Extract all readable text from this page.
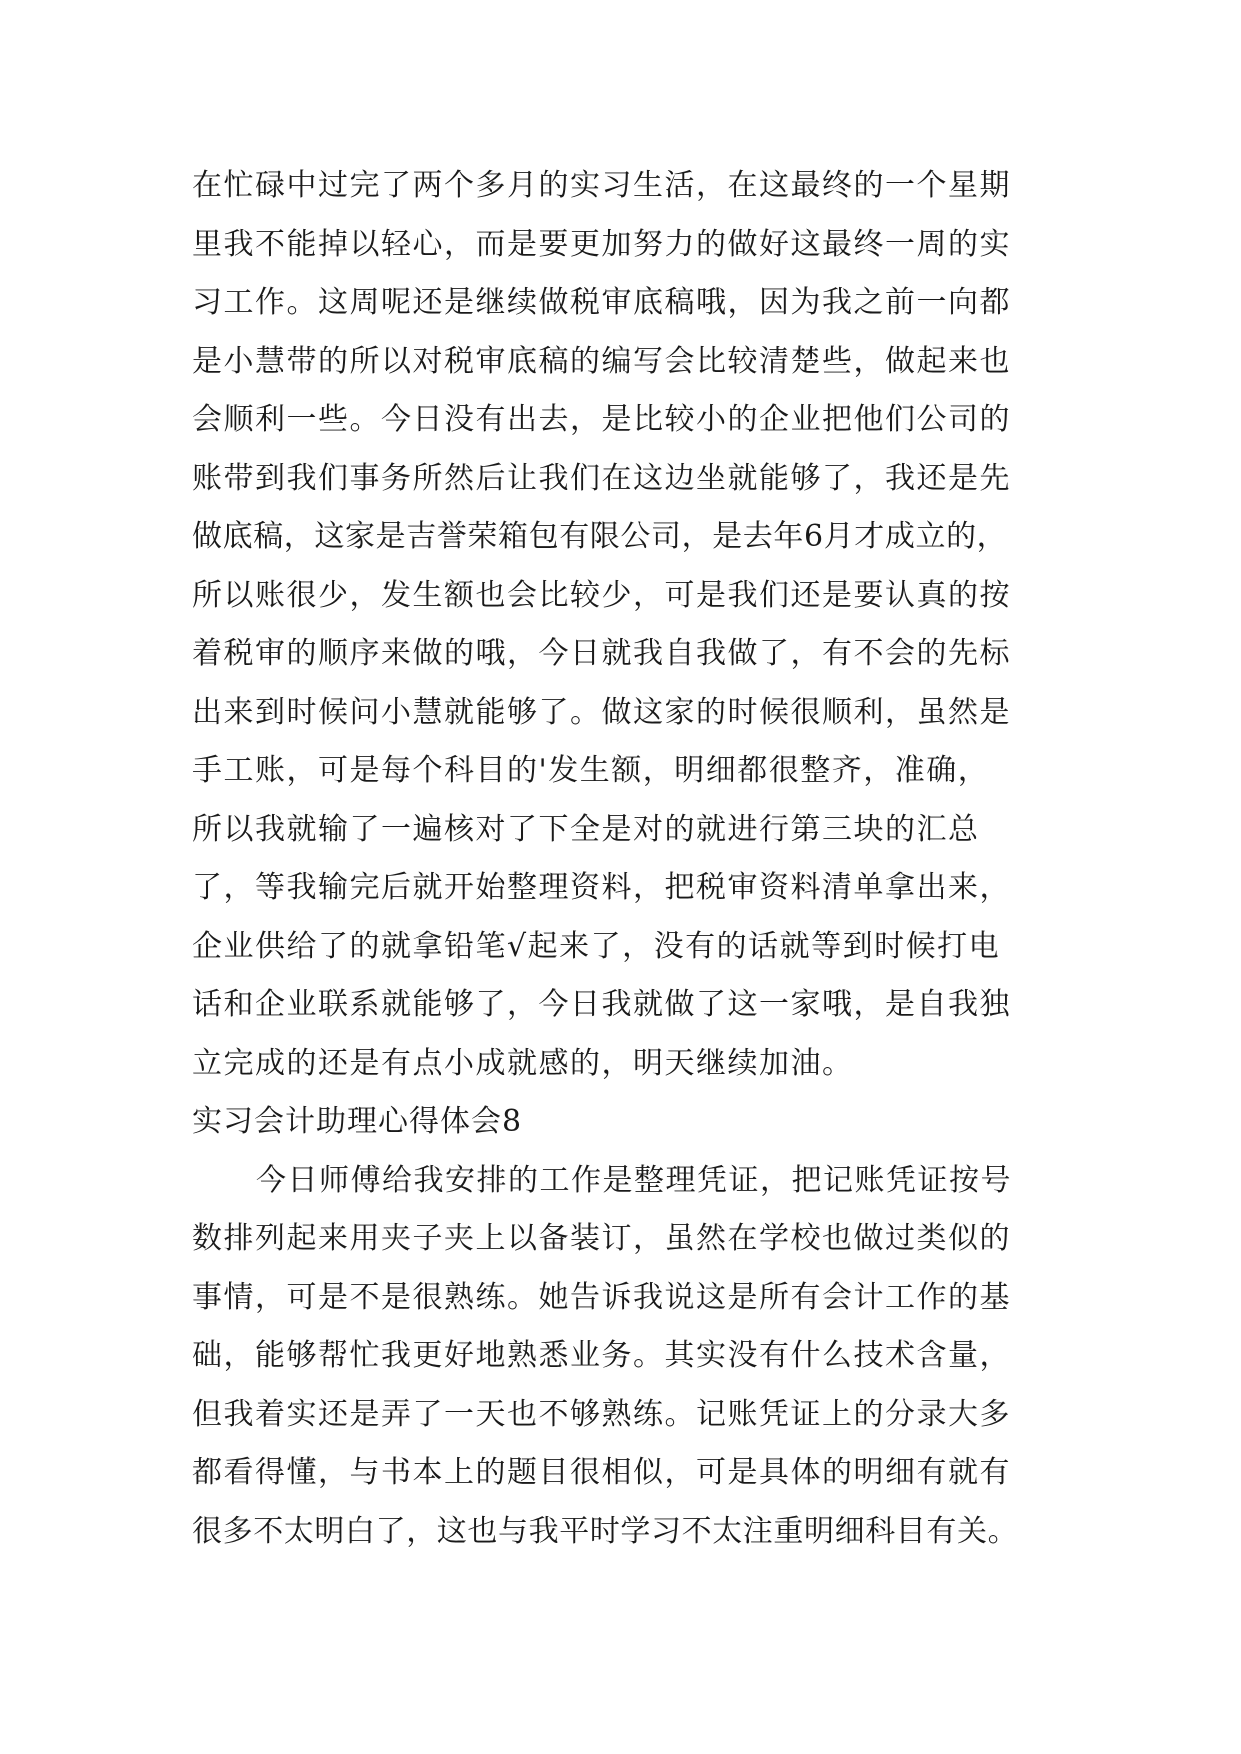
在忙碌中过完了两个多月的实习生活，在这最终的一个星期
里我不能掉以轻心，而是要更加努力的做好这最终一周的实
习工作。这周呢还是继续做税审底稿哦，因为我之前一向都
是小慧带的所以对税审底稿的编写会比较清楚些，做起来也
会顺利一些。今日没有出去，是比较小的企业把他们公司的
账带到我们事务所然后让我们在这边坐就能够了，我还是先
做底稿，这家是吉誉荣箱包有限公司，是去年6月才成立的，
所以账很少，发生额也会比较少，可是我们还是要认真的按
着税审的顺序来做的哦，今日就我自我做了，有不会的先标
出来到时候问小慧就能够了。做这家的时候很顺利，虽然是
手工账，可是每个科目的'发生额，明细都很整齐，准确，
所以我就输了一遍核对了下全是对的就进行第三块的汇总
了，等我输完后就开始整理资料，把税审资料清单拿出来，
企业供给了的就拿铅笔√起来了，没有的话就等到时候打电
话和企业联系就能够了，今日我就做了这一家哦，是自我独
立完成的还是有点小成就感的，明天继续加油。
实习会计助理心得体会8
今日师傅给我安排的工作是整理凭证，把记账凭证按号
数排列起来用夹子夹上以备装订，虽然在学校也做过类似的
事情，可是不是很熟练。她告诉我说这是所有会计工作的基
础，能够帮忙我更好地熟悉业务。其实没有什么技术含量，
但我着实还是弄了一天也不够熟练。记账凭证上的分录大多
都看得懂，与书本上的题目很相似，可是具体的明细有就有
很多不太明白了，这也与我平时学习不太注重明细科目有关。
